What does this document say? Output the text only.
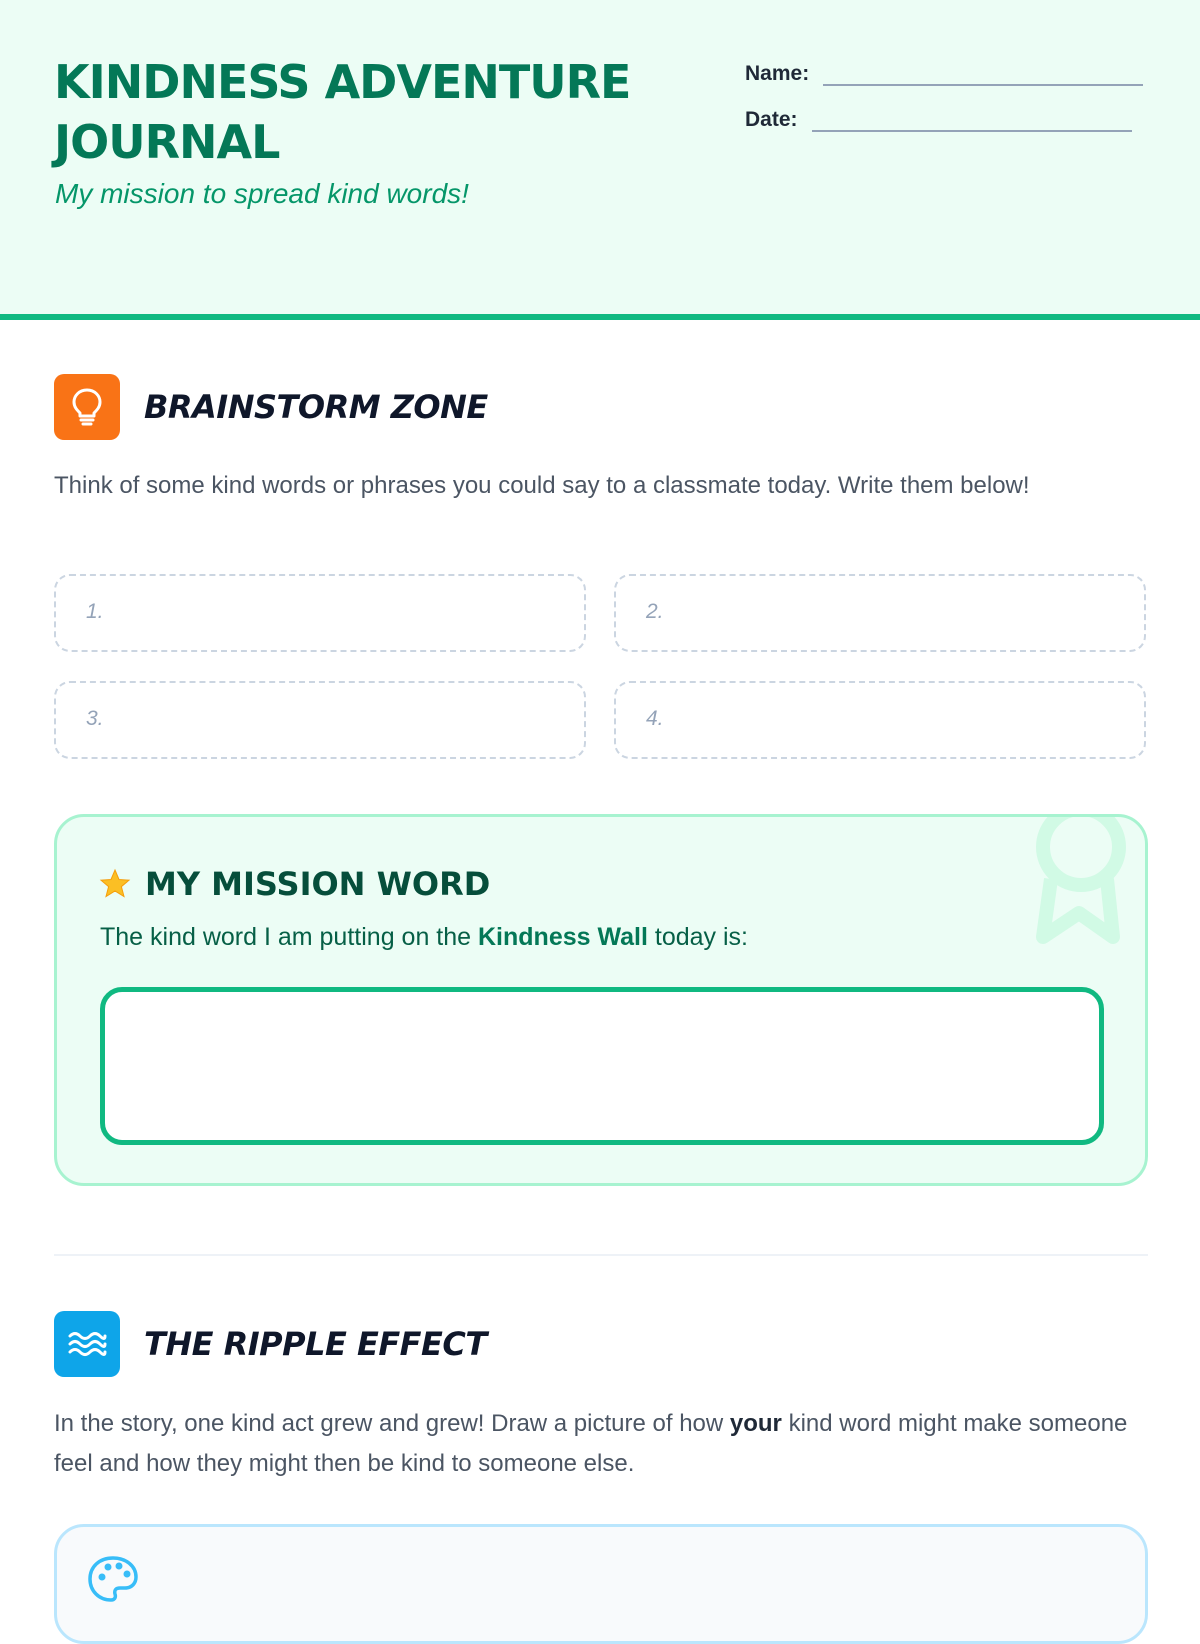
KINDNESS ADVENTURE JOURNAL
My mission to spread kind words!
Name:
Date:
BRAINSTORM ZONE
Think of some kind words or phrases you could say to a classmate today. Write them below!
1.	2.
3.	4.
MY MISSION WORD
The kind word I am putting on the Kindness Wall today is:
THE RIPPLE EFFECT
In the story, one kind act grew and grew! Draw a picture of how your kind word might make someone feel and how they might then be kind to someone else.
